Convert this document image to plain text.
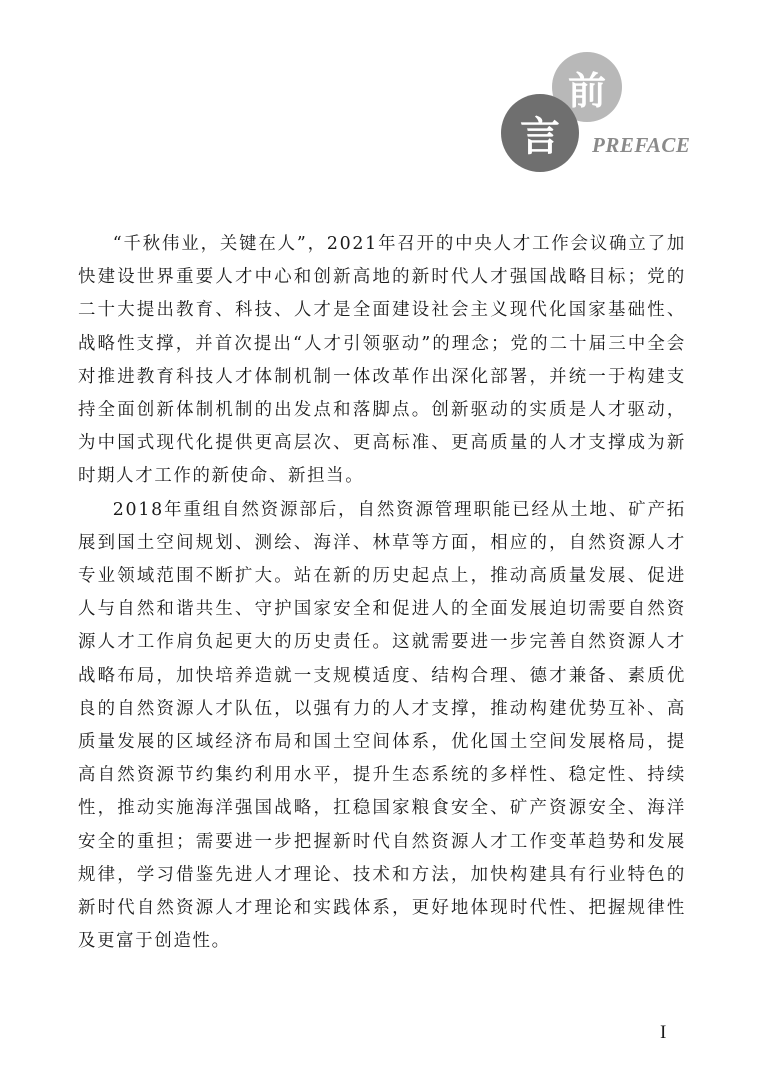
前
言 PREFACE

“千秋伟业，关键在人”，2021年召开的中央人才工作会议确立了加快建设世界重要人才中心和创新高地的新时代人才强国战略目标；党的二十大提出教育、科技、人才是全面建设社会主义现代化国家基础性、战略性支撑，并首次提出“人才引领驱动”的理念；党的二十届三中全会对推进教育科技人才体制机制一体改革作出深化部署，并统一于构建支持全面创新体制机制的出发点和落脚点。创新驱动的实质是人才驱动，为中国式现代化提供更高层次、更高标准、更高质量的人才支撑成为新时期人才工作的新使命、新担当。

2018年重组自然资源部后，自然资源管理职能已经从土地、矿产拓展到国土空间规划、测绘、海洋、林草等方面，相应的，自然资源人才专业领域范围不断扩大。站在新的历史起点上，推动高质量发展、促进人与自然和谐共生、守护国家安全和促进人的全面发展迫切需要自然资源人才工作肩负起更大的历史责任。这就需要进一步完善自然资源人才战略布局，加快培养造就一支规模适度、结构合理、德才兼备、素质优良的自然资源人才队伍，以强有力的人才支撑，推动构建优势互补、高质量发展的区域经济布局和国土空间体系，优化国土空间发展格局，提高自然资源节约集约利用水平，提升生态系统的多样性、稳定性、持续性，推动实施海洋强国战略，扛稳国家粮食安全、矿产资源安全、海洋安全的重担；需要进一步把握新时代自然资源人才工作变革趋势和发展规律，学习借鉴先进人才理论、技术和方法，加快构建具有行业特色的新时代自然资源人才理论和实践体系，更好地体现时代性、把握规律性及更富于创造性。

I
